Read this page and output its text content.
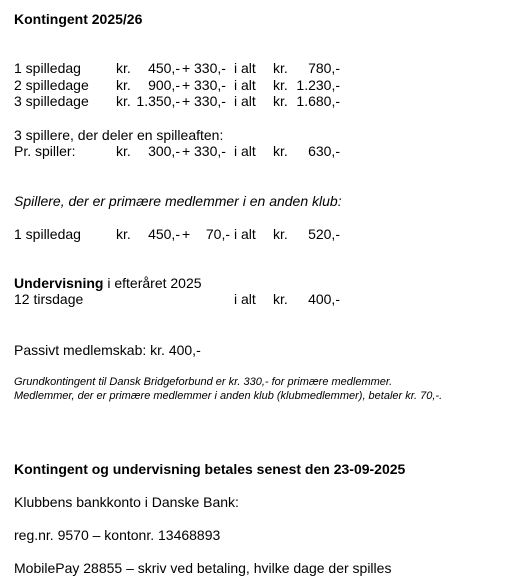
Kontingent 2025/26
1 spilledag	kr.	450,- + 330,- i alt kr.	780,-
2 spilledage kr.	900,- + 330,- i alt kr. 1.230,-
3 spilledage kr. 1.350,- + 330,- i alt kr. 1.680,-
3 spillere, der deler en spilleaften:
Pr. spiller:	kr.	300,- + 330,- i alt kr.	630,-
Spillere, der er primære medlemmer i en anden klub:
1 spilledag	kr.	450,- +	70,- i alt kr.	520,-
Undervisning i efteråret 2025
12 tirsdage	i alt kr.	400,-
Passivt medlemskab: kr. 400,-
Grundkontingent til Dansk Bridgeforbund er kr. 330,- for primære medlemmer.
Medlemmer, der er primære medlemmer i anden klub (klubmedlemmer), betaler kr. 70,-.
Kontingent og undervisning betales senest den 23-09-2025
Klubbens bankkonto i Danske Bank:
reg.nr. 9570 – kontonr. 13468893
MobilePay 28855 – skriv ved betaling, hvilke dage der spilles
